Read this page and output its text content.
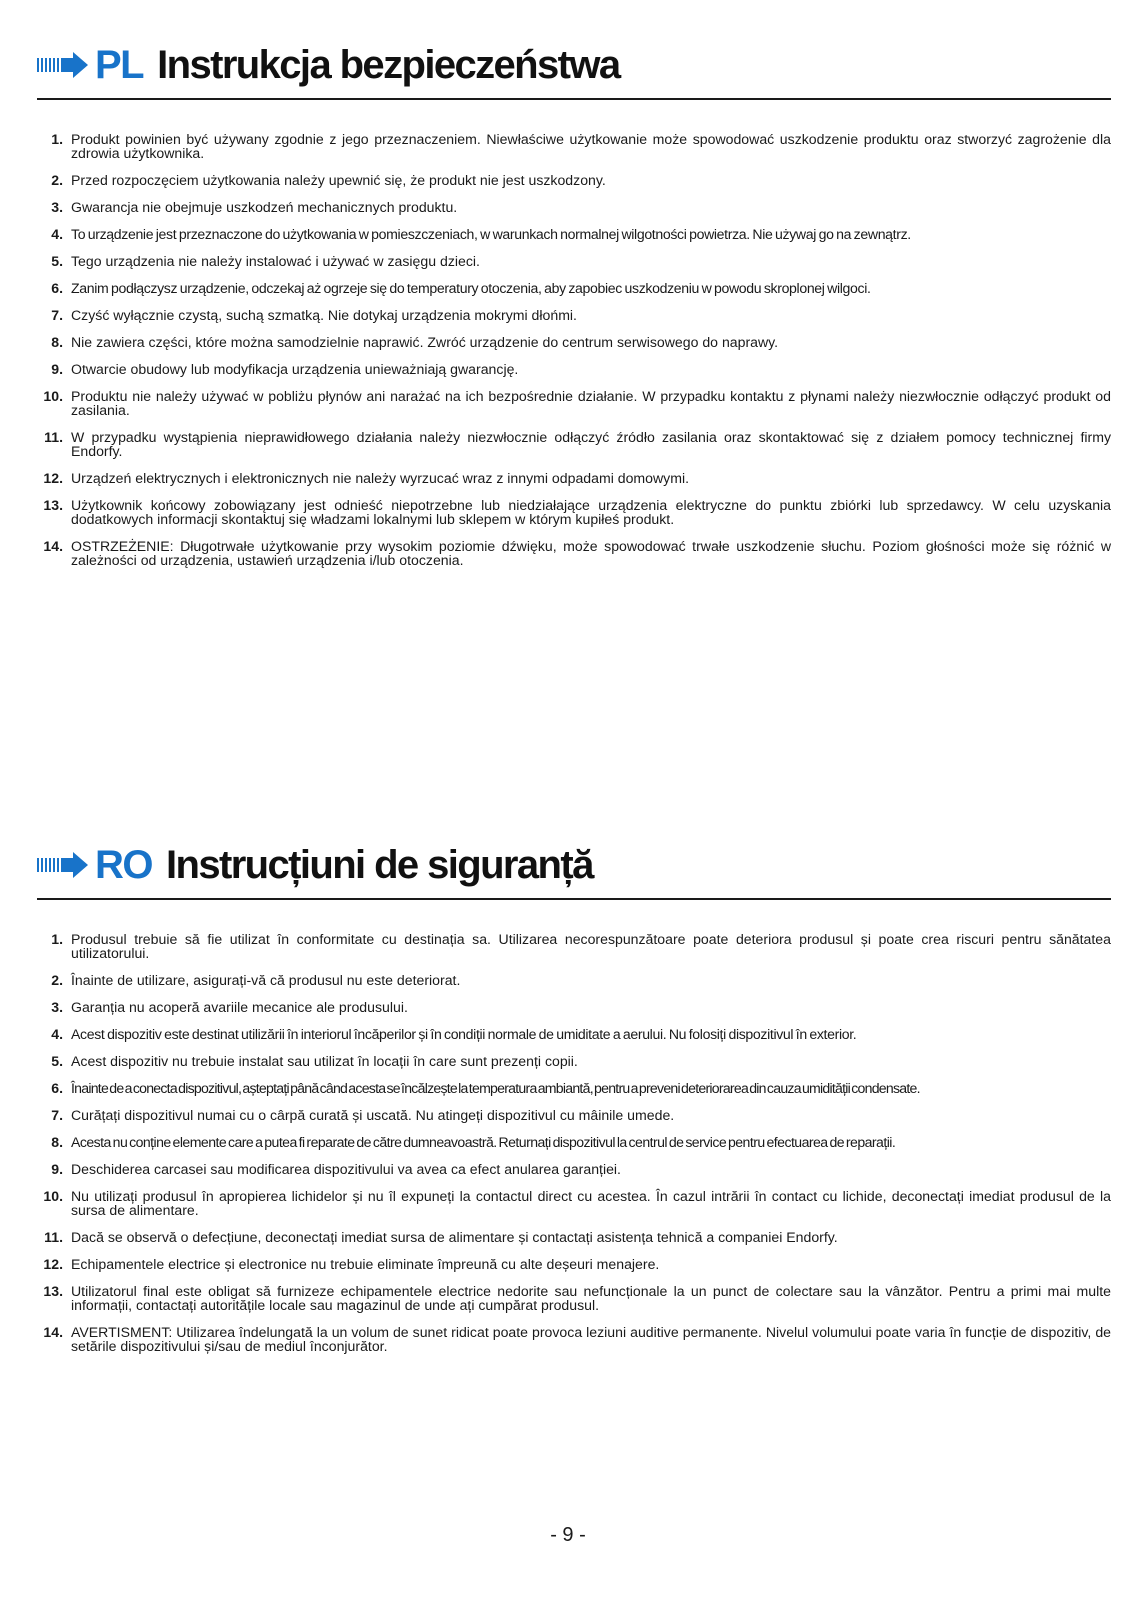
PL Instrukcja bezpieczeństwa
1. Produkt powinien być używany zgodnie z jego przeznaczeniem. Niewłaściwe użytkowanie może spowodować uszkodzenie produktu oraz stworzyć zagrożenie dla zdrowia użytkownika.
2. Przed rozpoczęciem użytkowania należy upewnić się, że produkt nie jest uszkodzony.
3. Gwarancja nie obejmuje uszkodzeń mechanicznych produktu.
4. To urządzenie jest przeznaczone do użytkowania w pomieszczeniach, w warunkach normalnej wilgotności powietrza. Nie używaj go na zewnątrz.
5. Tego urządzenia nie należy instalować i używać w zasięgu dzieci.
6. Zanim podłączysz urządzenie, odczekaj aż ogrzeje się do temperatury otoczenia, aby zapobiec uszkodzeniu w powodu skroplonej wilgoci.
7. Czyść wyłącznie czystą, suchą szmatką. Nie dotykaj urządzenia mokrymi dłońmi.
8. Nie zawiera części, które można samodzielnie naprawić. Zwróć urządzenie do centrum serwisowego do naprawy.
9. Otwarcie obudowy lub modyfikacja urządzenia unieważniają gwarancję.
10. Produktu nie należy używać w pobliżu płynów ani narażać na ich bezpośrednie działanie. W przypadku kontaktu z płynami należy niezwłocznie odłączyć produkt od zasilania.
11. W przypadku wystąpienia nieprawidłowego działania należy niezwłocznie odłączyć źródło zasilania oraz skontaktować się z działem pomocy technicznej firmy Endorfy.
12. Urządzeń elektrycznych i elektronicznych nie należy wyrzucać wraz z innymi odpadami domowymi.
13. Użytkownik końcowy zobowiązany jest odnieść niepotrzebne lub niedziałające urządzenia elektryczne do punktu zbiórki lub sprzedawcy. W celu uzyskania dodatkowych informacji skontaktuj się władzami lokalnymi lub sklepem w którym kupiłeś produkt.
14. OSTRZEŻENIE: Długotrwałe użytkowanie przy wysokim poziomie dźwięku, może spowodować trwałe uszkodzenie słuchu. Poziom głośności może się różnić w zależności od urządzenia, ustawień urządzenia i/lub otoczenia.
RO Instrucțiuni de siguranță
1. Produsul trebuie să fie utilizat în conformitate cu destinația sa. Utilizarea necorespunzătoare poate deteriora produsul și poate crea riscuri pentru sănătatea utilizatorului.
2. Înainte de utilizare, asigurați-vă că produsul nu este deteriorat.
3. Garanția nu acoperă avariile mecanice ale produsului.
4. Acest dispozitiv este destinat utilizării în interiorul încăperilor și în condiții normale de umiditate a aerului. Nu folosiți dispozitivul în exterior.
5. Acest dispozitiv nu trebuie instalat sau utilizat în locații în care sunt prezenți copii.
6. Înainte de a conecta dispozitivul, așteptați până când acesta se încălzește la temperatura ambiantă, pentru a preveni deteriorarea din cauza umidității condensate.
7. Curățați dispozitivul numai cu o cârpă curată și uscată. Nu atingeți dispozitivul cu mâinile umede.
8. Acesta nu conține elemente care a putea fi reparate de către dumneavoastră. Returnați dispozitivul la centrul de service pentru efectuarea de reparații.
9. Deschiderea carcasei sau modificarea dispozitivului va avea ca efect anularea garanției.
10. Nu utilizați produsul în apropierea lichidelor și nu îl expuneți la contactul direct cu acestea. În cazul intrării în contact cu lichide, deconectați imediat produsul de la sursa de alimentare.
11. Dacă se observă o defecțiune, deconectați imediat sursa de alimentare și contactați asistența tehnică a companiei Endorfy.
12. Echipamentele electrice și electronice nu trebuie eliminate împreună cu alte deșeuri menajere.
13. Utilizatorul final este obligat să furnizeze echipamentele electrice nedorite sau nefuncționale la un punct de colectare sau la vânzător. Pentru a primi mai multe informații, contactați autoritățile locale sau magazinul de unde ați cumpărat produsul.
14. AVERTISMENT: Utilizarea îndelungată la un volum de sunet ridicat poate provoca leziuni auditive permanente. Nivelul volumului poate varia în funcție de dispozitiv, de setările dispozitivului și/sau de mediul înconjurător.
- 9 -
